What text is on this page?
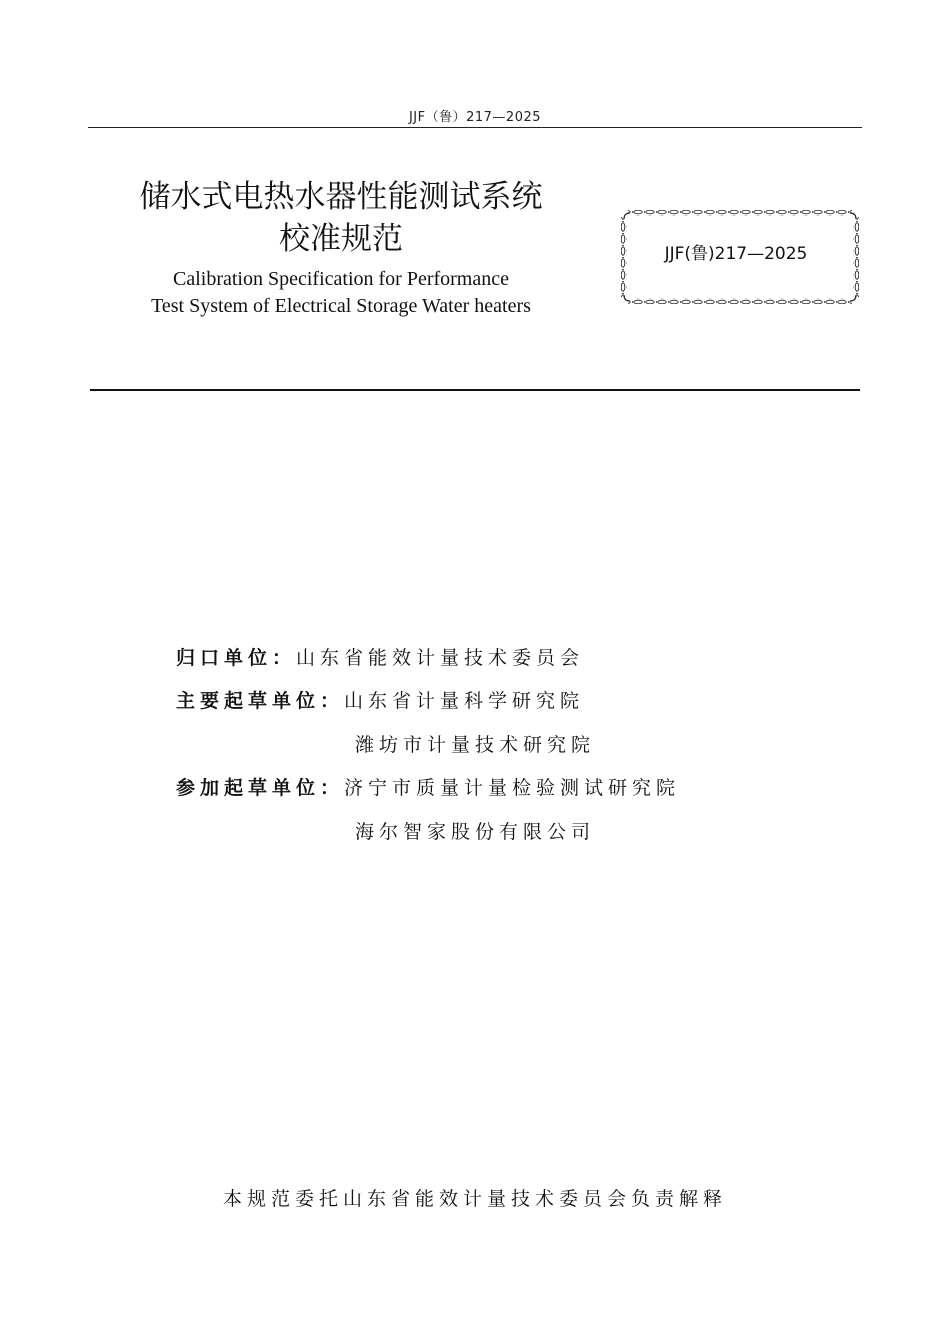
JJF（鲁）217—2025
储水式电热水器性能测试系统
校准规范
Calibration Specification for Performance
Test System of Electrical Storage Water heaters
JJF(鲁)217—2025
归口单位：山东省能效计量技术委员会
主要起草单位：山东省计量科学研究院
潍坊市计量技术研究院
参加起草单位：济宁市质量计量检验测试研究院
海尔智家股份有限公司
本规范委托山东省能效计量技术委员会负责解释
